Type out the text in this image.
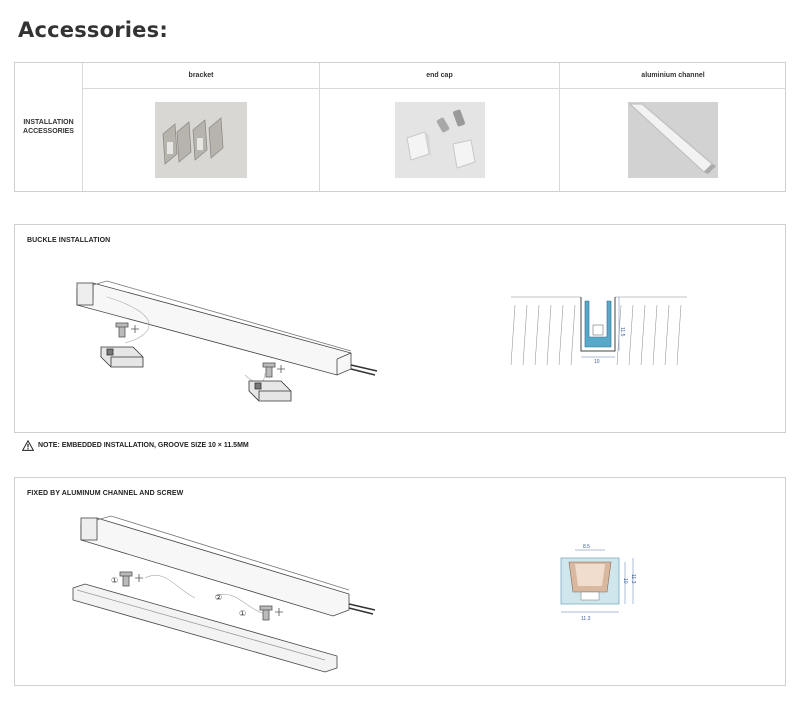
Accessories:
INSTALLATION
ACCESSORIES
bracket	end cap	aluminium channel
BUCKLE INSTALLATION
10
11.5
NOTE: EMBEDDED INSTALLATION, GROOVE SIZE 10 × 11.5MM
FIXED BY ALUMINUM CHANNEL AND SCREW
①
②
①
8.5
11.3
10 11.3
